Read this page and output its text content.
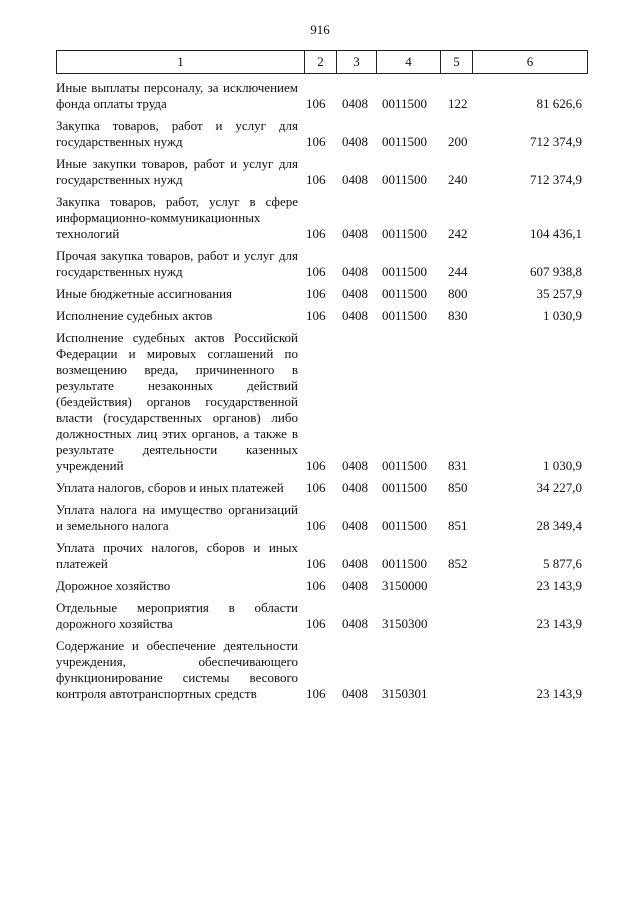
916
1	2	3	4	5	6
Иные выплаты персоналу, за исключением фонда оплаты труда	106 0408 0011500 122	81 626,6
Закупка товаров, работ и услуг для государственных нужд	106 0408 0011500 200	712 374,9
Иные закупки товаров, работ и услуг для государственных нужд	106 0408 0011500 240	712 374,9
Закупка товаров, работ, услуг в сфере информационно-коммуникационных технологий	106 0408 0011500 242	104 436,1
Прочая закупка товаров, работ и услуг для государственных нужд	106 0408 0011500 244	607 938,8
Иные бюджетные ассигнования	106 0408 0011500 800	35 257,9
Исполнение судебных актов	106 0408 0011500 830	1 030,9
Исполнение судебных актов Российской Федерации и мировых соглашений по возмещению вреда, причиненного в результате незаконных действий (бездействия) органов государственной власти (государственных органов) либо должностных лиц этих органов, а также в результате деятельности казенных учреждений	106 0408 0011500 831	1 030,9
Уплата налогов, сборов и иных платежей	106 0408 0011500 850	34 227,0
Уплата налога на имущество организаций и земельного налога	106 0408 0011500 851	28 349,4
Уплата прочих налогов, сборов и иных платежей	106 0408 0011500 852	5 877,6
Дорожное хозяйство	106 0408 3150000	23 143,9
Отдельные мероприятия в области дорожного хозяйства	106 0408 3150300	23 143,9
Содержание и обеспечение деятельности учреждения, обеспечивающего функционирование системы весового контроля автотранспортных средств	106 0408 3150301	23 143,9
